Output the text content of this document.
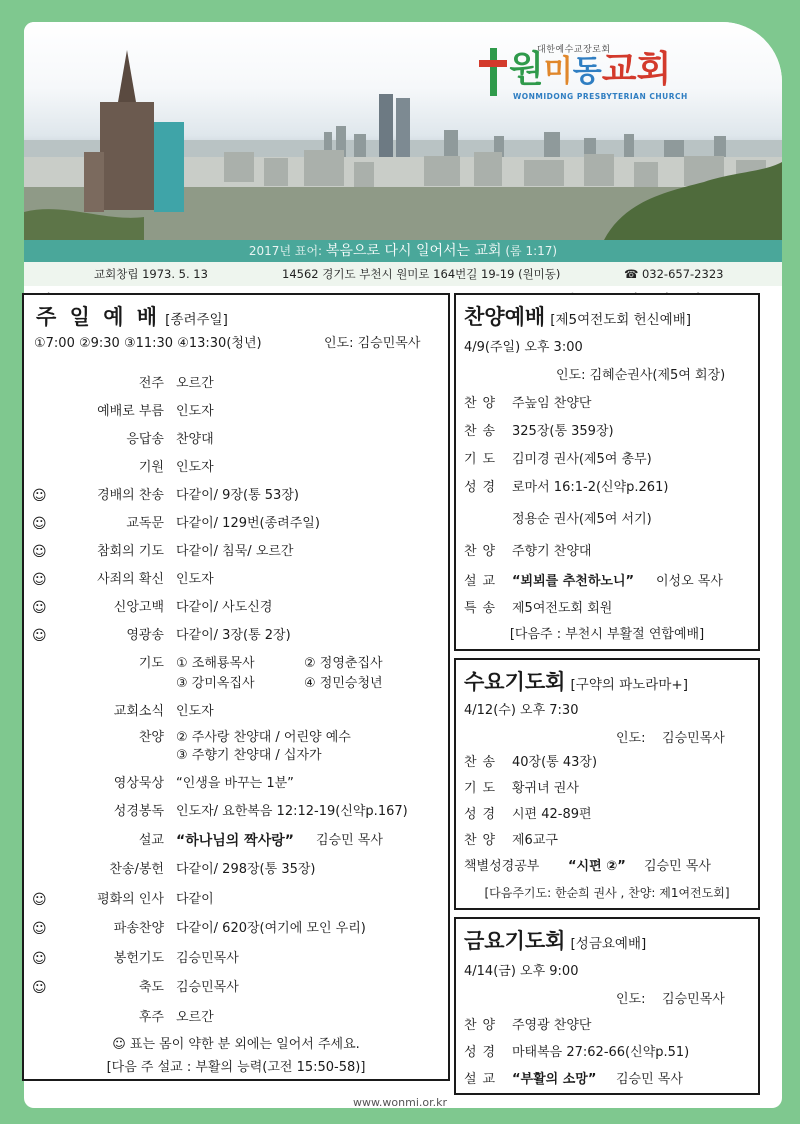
대한예수교장로회
원미동교회
WONMIDONG PRESBYTERIAN CHURCH
2017년 표어: 복음으로 다시 일어서는 교회 (롬 1:17)
교회창립 1973. 5. 13	14562 경기도 부천시 원미로 164번길 19-19 (원미동)	☎ 032-657-2323
주 일 예 배 [종려주일]
①7:00 ②9:30 ③11:30 ④13:30(청년)	인도: 김승민목사
전주 오르간
예배로 부름 인도자
응답송 찬양대
기원 인도자
☺	경배의 찬송 다같이/ 9장(통 53장)
☺	교독문 다같이/ 129번(종려주일)
☺	참회의 기도 다같이/ 침묵/ 오르간
☺	사죄의 확신 인도자
☺	신앙고백 다같이/ 사도신경
☺	영광송 다같이/ 3장(통 2장)
기도 ① 조해룡목사	② 정영춘집사
③ 강미옥집사	④ 정민승청년
교회소식 인도자
찬양 ② 주사랑 찬양대 / 어린양 예수
③ 주향기 찬양대 / 십자가
영상묵상 “인생을 바꾸는 1분”
성경봉독 인도자/ 요한복음 12:12-19(신약p.167)
설교 “하나님의 짝사랑” 김승민 목사
찬송/봉헌 다같이/ 298장(통 35장)
☺	평화의 인사 다같이
☺	파송찬양 다같이/ 620장(여기에 모인 우리)
☺	봉헌기도 김승민목사
☺	축도 김승민목사
후주 오르간
☺ 표는 몸이 약한 분 외에는 일어서 주세요.
[다음 주 설교 : 부활의 능력(고전 15:50-58)]
찬양예배 [제5여전도회 헌신예배]
4/9(주일) 오후 3:00
인도: 김혜순권사(제5여 회장)
찬양 주높임 찬양단
찬송 325장(통 359장)
기도 김미경 권사(제5여 총무)
성경 로마서 16:1-2(신약p.261)
정용순 권사(제5여 서기)
찬양 주향기 찬양대
설교 “뵈뵈를 추천하노니” 이성오 목사
특송 제5여전도회 회원
[다음주 : 부천시 부활절 연합예배]
수요기도회 [구약의 파노라마+]
4/12(수) 오후 7:30
인도:    김승민목사
찬송 40장(통 43장)
기도 황귀녀 권사
성경 시편 42-89편
찬양 제6교구
책별성경공부 “시편 ②” 김승민 목사
[다음주기도: 한순희 권사 , 찬양: 제1여전도회]
금요기도회 [성금요예배]
4/14(금) 오후 9:00
인도:    김승민목사
찬양 주영광 찬양단
성경 마태복음 27:62-66(신약p.51)
설교 “부활의 소망” 김승민 목사
www.wonmi.or.kr
